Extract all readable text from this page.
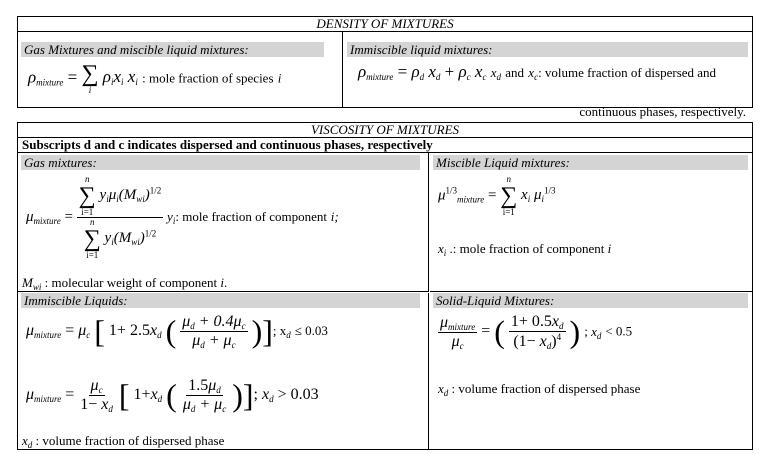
DENSITY OF MIXTURES
Gas Mixtures and miscible liquid mixtures:
$\rho_{mixture}$ = ∑
i
$\rho_ix_i$ $x_i$ : mole fraction of species i
Immiscible liquid mixtures:
$\rho_{mixture} = \rho_d$ $x_d + \rho_c$ $x_c$ $x_d$ and $x_c$: volume fraction of dispersed and
continuous phases, respectively.
VISCOSITY OF MIXTURES
Subscripts d and c indicates dispersed and continuous phases, respectively
Gas mixtures:
$\mu_{mixture} = n$
∑
i=1
$y_i\mu_i(M_{wi})^{1/2}$
n
∑
i=1
$y_i(M_{wi})^{1/2}$ $y_i$: mole fraction of component i;
$M_{wi}$ : molecular weight of component i.
Miscible Liquid mixtures:
$\mu^{1/3}_{mixture}$ =
n
∑
i=1
$x_i$ $\mu_i^{1/3}$
$x_i$ .: mole fraction of component i
Immiscible Liquids:
$\mu_{mixture} = \mu_c$ [ $1+ 2.5x_d$ ( $\frac{\mu_d + 0.4\mu_c}{\mu_d + \mu_c}$ )]; $x_d \le 0.03$
$\mu_{mixture} = \frac{\mu_c}{1- x_d}$ [ $1+x_d$ ( $\frac{1.5\mu_d}{\mu_d + \mu_c}$ )]; $x_d > 0.03$
$x_d$ : volume fraction of dispersed phase
Solid-Liquid Mixtures:
$\frac{\mu_{mixture}}{\mu_c}$ = ( $\frac{1+ 0.5x_d}{(1- x_d)^4}$ ) ; $x_d < 0.5$
$x_d$ : volume fraction of dispersed phase
